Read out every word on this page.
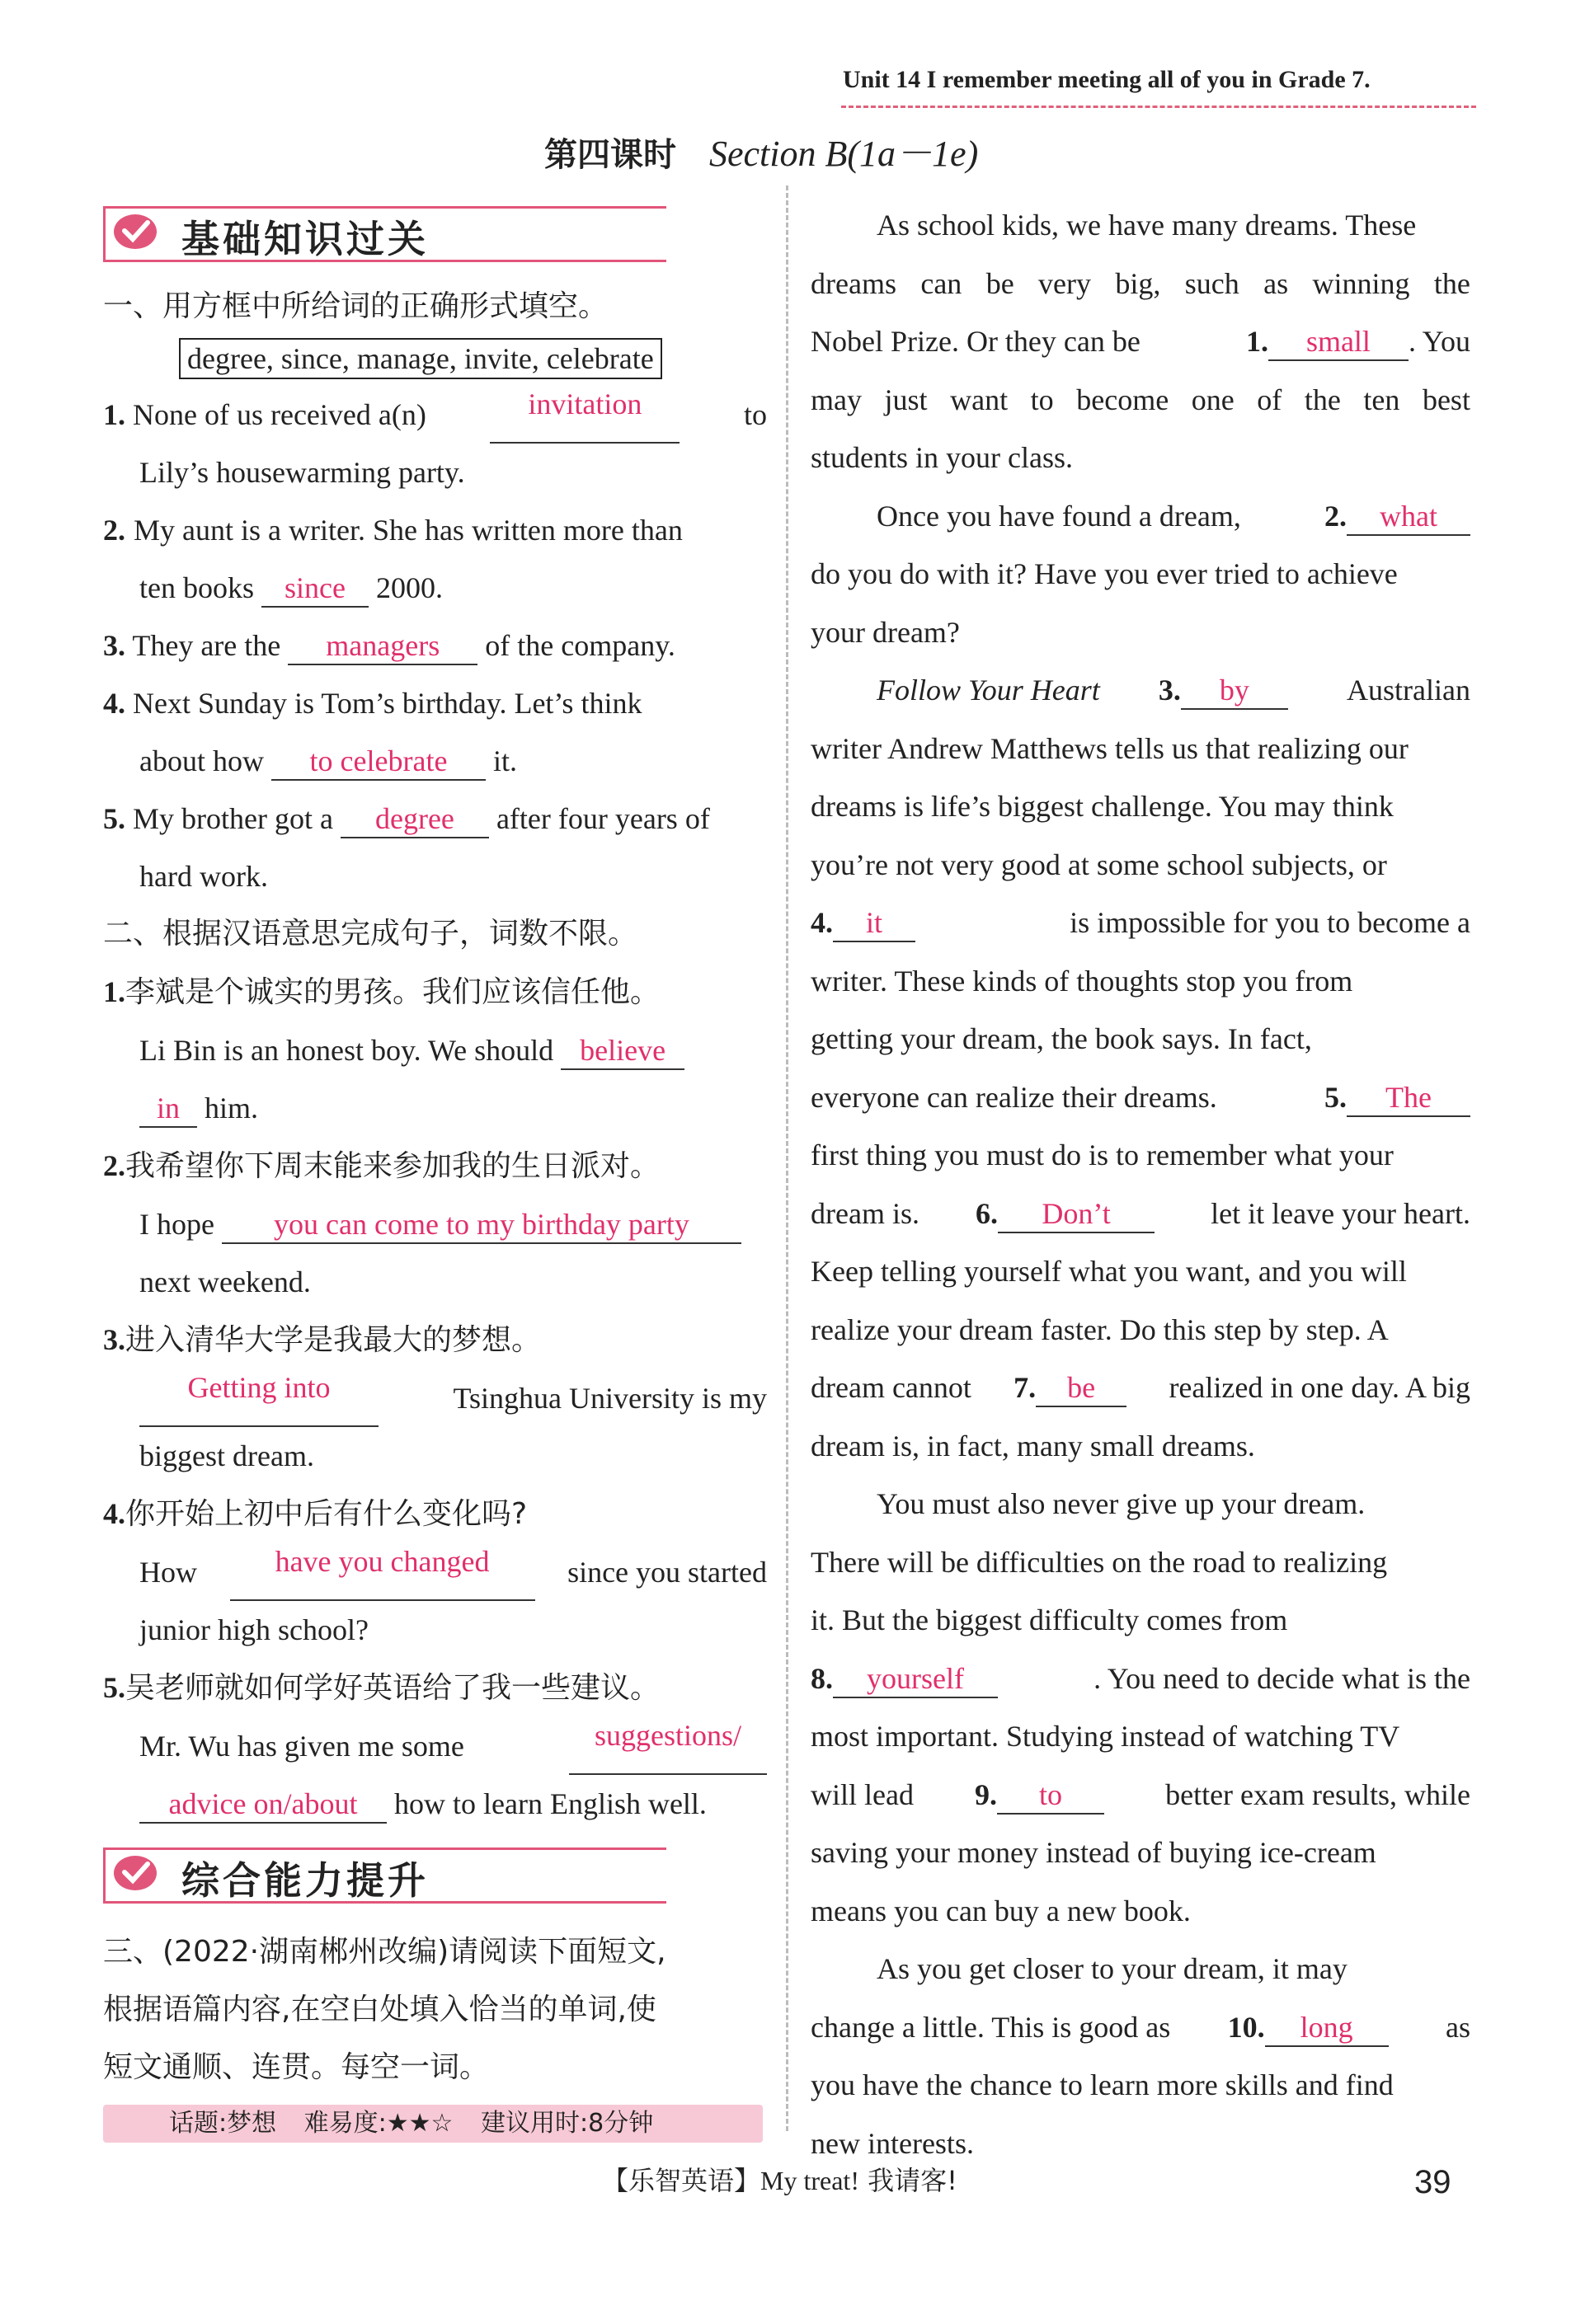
Unit 14 I remember meeting all of you in Grade 7.
第四课时 Section B(1a－1e)
基础知识过关
一、用方框中所给词的正确形式填空。
degree, since, manage, invite, celebrate
1. None of us received a(n)	invitation	to
Lily’s housewarming party.
2. My aunt is a writer. She has written more than
ten books since 2000.
3. They are the managers of the company.
4. Next Sunday is Tom’s birthday. Let’s think
about how to celebrate it.
5. My brother got a degree after four years of
hard work.
二、根据汉语意思完成句子，词数不限。
1.李斌是个诚实的男孩。我们应该信任他。
Li Bin is an honest boy. We should believe
in him.
2.我希望你下周末能来参加我的生日派对。
I hope you can come to my birthday party
next weekend.
3.进入清华大学是我最大的梦想。
Getting into	Tsinghua University is my
biggest dream.
4.你开始上初中后有什么变化吗?
How	have you changed	since you started
junior high school?
5.吴老师就如何学好英语给了我一些建议。
Mr. Wu has given me some	suggestions/
advice on/about how to learn English well.
综合能力提升
三、(2022·湖南郴州改编)请阅读下面短文,
根据语篇内容,在空白处填入恰当的单词,使
短文通顺、连贯。每空一词。
话题:梦想 难易度:★★☆ 建议用时:8分钟
As school kids, we have many dreams. These
dreams can be very big, such as winning the
Nobel Prize. Or they can be	1. small . You
may just want to become one of the ten best
students in your class.
Once you have found a dream,	2. what
do you do with it? Have you ever tried to achieve
your dream?
Follow Your Heart 3. by	Australian
writer Andrew Matthews tells us that realizing our
dreams is life’s biggest challenge. You may think
you’re not very good at some school subjects, or
4. it	is impossible for you to become a
writer. These kinds of thoughts stop you from
getting your dream, the book says. In fact,
everyone can realize their dreams.	5. The
first thing you must do is to remember what your
dream is. 6. Don’t	let it leave your heart.
Keep telling yourself what you want, and you will
realize your dream faster. Do this step by step. A
dream cannot 7. be	realized in one day. A big
dream is, in fact, many small dreams.
You must also never give up your dream.
There will be difficulties on the road to realizing
it. But the biggest difficulty comes from
8. yourself	. You need to decide what is the
most important. Studying instead of watching TV
will lead 9. to	better exam results, while
saving your money instead of buying ice-cream
means you can buy a new book.
As you get closer to your dream, it may
change a little. This is good as 10. long	as
you have the chance to learn more skills and find
new interests.
【乐智英语】My treat! 我请客!	39
